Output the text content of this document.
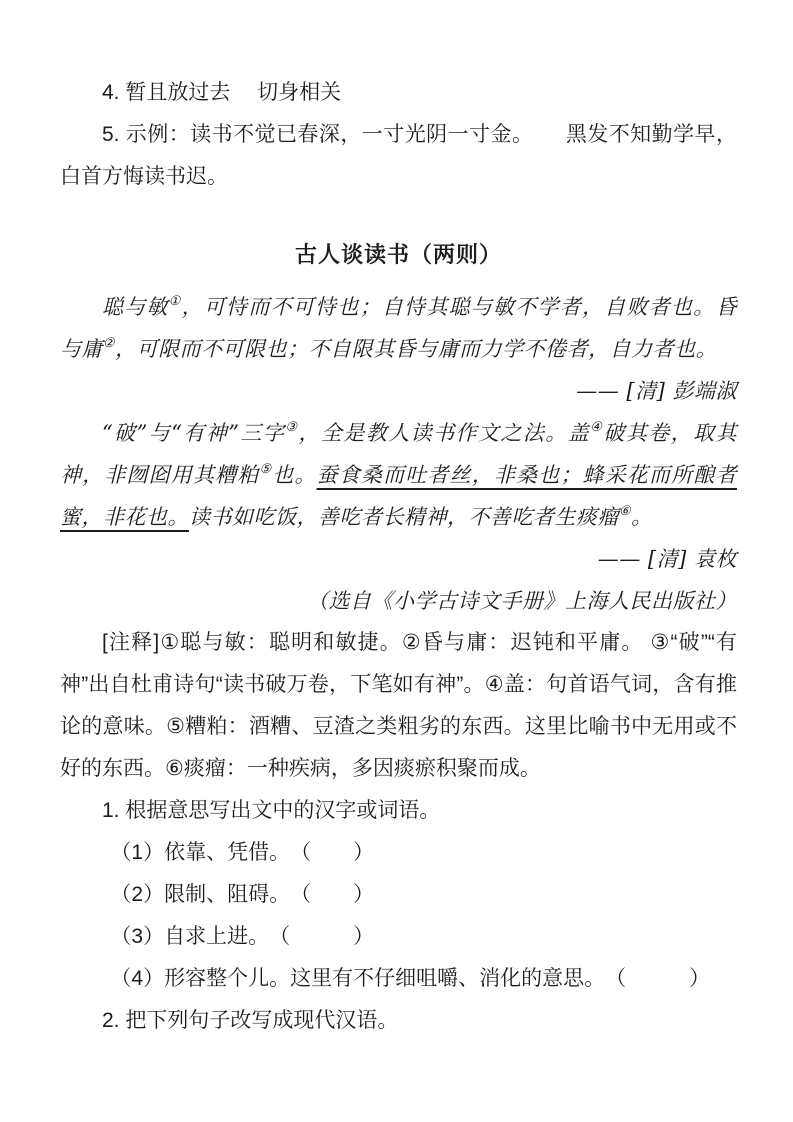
4. 暂且放过去　 切身相关

5. 示例：读书不觉已春深，一寸光阴一寸金。　　黑发不知勤学早，白首方悔读书迟。

古人谈读书（两则）

聪与敏①，可恃而不可恃也；自恃其聪与敏不学者，自败者也。昏与庸②，可限而不可限也；不自限其昏与庸而力学不倦者，自力者也。

—— [清] 彭端淑

“破”与“有神”三字③，全是教人读书作文之法。盖④破其卷，取其神，非囫囵用其糟粕⑤也。蚕食桑而吐者丝，非桑也；蜂采花而所酿者蜜，非花也。读书如吃饭，善吃者长精神，不善吃者生痰瘤⑥。

—— [清] 袁枚

（选自《小学古诗文手册》上海人民出版社）

[注释]①聪与敏：聪明和敏捷。②昏与庸：迟钝和平庸。 ③“破”“有神”出自杜甫诗句“读书破万卷，下笔如有神”。④盖：句首语气词，含有推论的意味。⑤糟粕：酒糟、豆渣之类粗劣的东西。这里比喻书中无用或不好的东西。⑥痰瘤：一种疾病，多因痰瘀积聚而成。

1. 根据意思写出文中的汉字或词语。

（1）依靠、凭借。　（　　）

（2）限制、阻碍。　（　　）

（3）自求上进。　（　　　）

（4）形容整个儿。这里有不仔细咀嚼、消化的意思。　（　　　）

2. 把下列句子改写成现代汉语。
